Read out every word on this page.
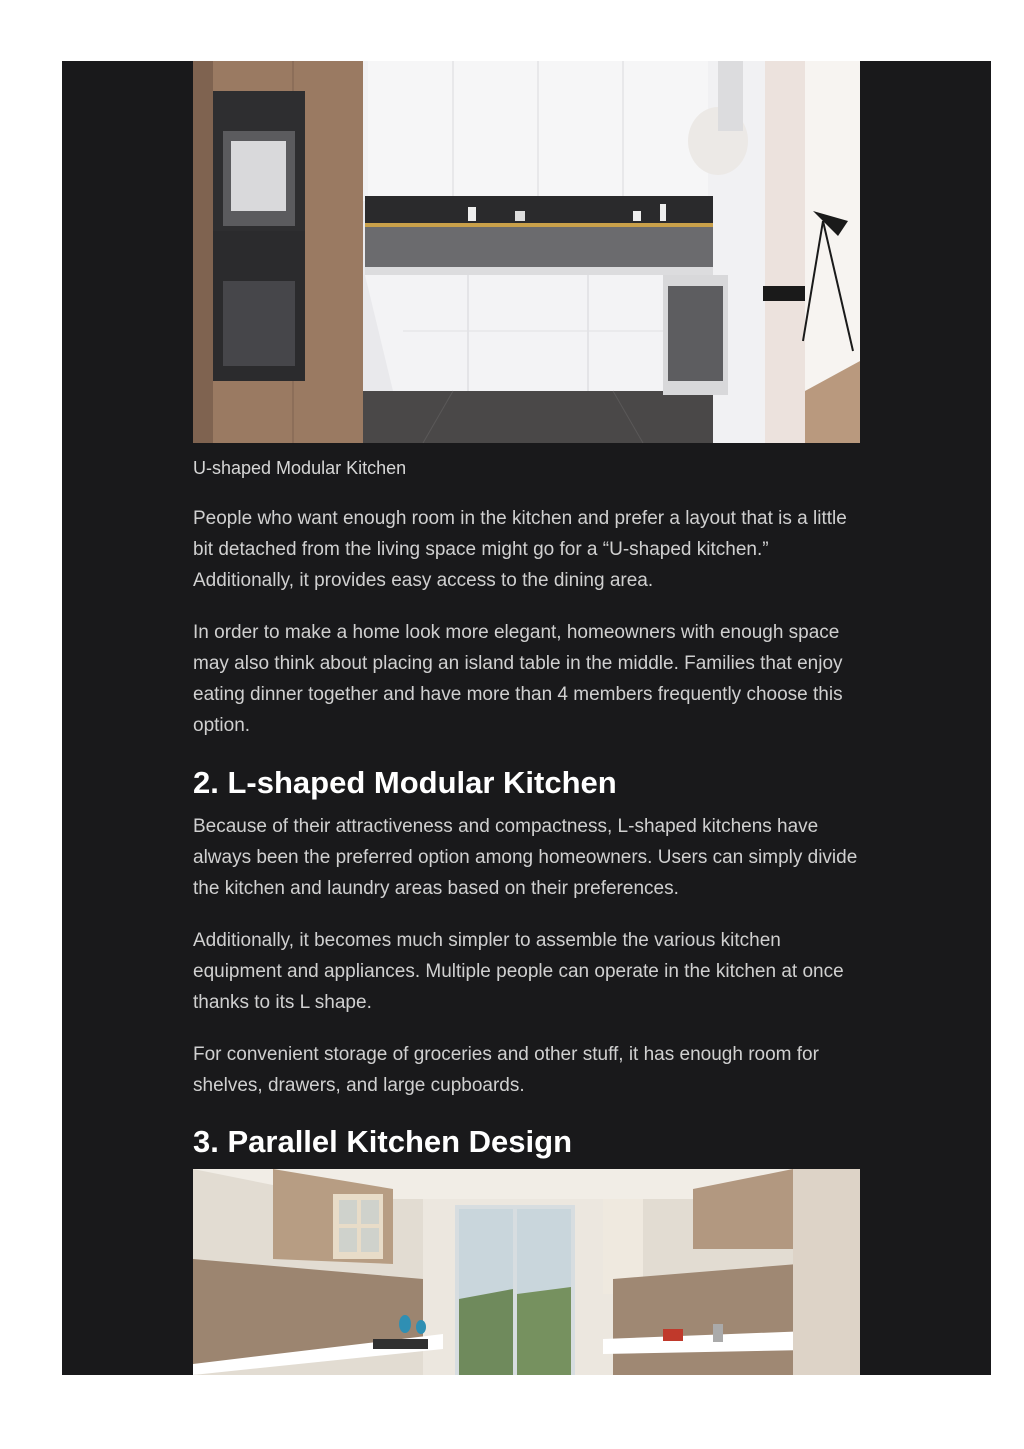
U-shaped Modular Kitchen

People who want enough room in the kitchen and prefer a layout that is a little bit detached from the living space might go for a “U-shaped kitchen.” Additionally, it provides easy access to the dining area.

In order to make a home look more elegant, homeowners with enough space may also think about placing an island table in the middle. Families that enjoy eating dinner together and have more than 4 members frequently choose this option.

2. L-shaped Modular Kitchen

Because of their attractiveness and compactness, L-shaped kitchens have always been the preferred option among homeowners. Users can simply divide the kitchen and laundry areas based on their preferences.

Additionally, it becomes much simpler to assemble the various kitchen equipment and appliances. Multiple people can operate in the kitchen at once thanks to its L shape.

For convenient storage of groceries and other stuff, it has enough room for shelves, drawers, and large cupboards.

3. Parallel Kitchen Design
